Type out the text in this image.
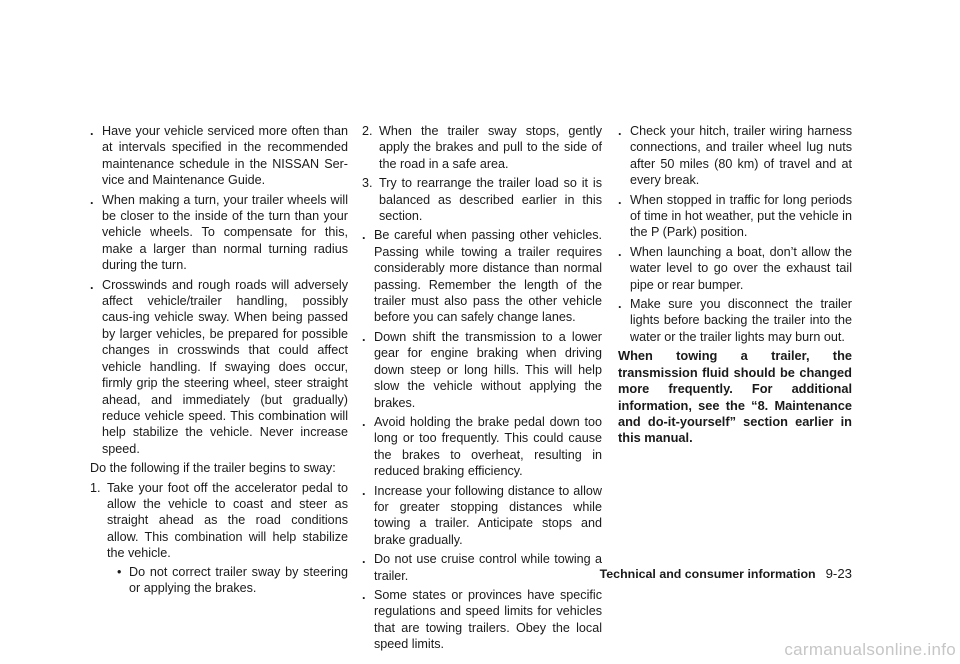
. Have your vehicle serviced more often than at intervals specified in the recommended maintenance schedule in the NISSAN Ser-vice and Maintenance Guide.
. When making a turn, your trailer wheels will be closer to the inside of the turn than your vehicle wheels. To compensate for this, make a larger than normal turning radius during the turn.
. Crosswinds and rough roads will adversely affect vehicle/trailer handling, possibly caus-ing vehicle sway. When being passed by larger vehicles, be prepared for possible changes in crosswinds that could affect vehicle handling. If swaying does occur, firmly grip the steering wheel, steer straight ahead, and immediately (but gradually) reduce vehicle speed. This combination will help stabilize the vehicle. Never increase speed.
Do the following if the trailer begins to sway:
1. Take your foot off the accelerator pedal to allow the vehicle to coast and steer as straight ahead as the road conditions allow. This combination will help stabilize the vehicle.
• Do not correct trailer sway by steering or applying the brakes.
2. When the trailer sway stops, gently apply the brakes and pull to the side of the road in a safe area.
3. Try to rearrange the trailer load so it is balanced as described earlier in this section.
. Be careful when passing other vehicles. Passing while towing a trailer requires considerably more distance than normal passing. Remember the length of the trailer must also pass the other vehicle before you can safely change lanes.
. Down shift the transmission to a lower gear for engine braking when driving down steep or long hills. This will help slow the vehicle without applying the brakes.
. Avoid holding the brake pedal down too long or too frequently. This could cause the brakes to overheat, resulting in reduced braking efficiency.
. Increase your following distance to allow for greater stopping distances while towing a trailer. Anticipate stops and brake gradually.
. Do not use cruise control while towing a trailer.
. Some states or provinces have specific regulations and speed limits for vehicles that are towing trailers. Obey the local speed limits.
. Check your hitch, trailer wiring harness connections, and trailer wheel lug nuts after 50 miles (80 km) of travel and at every break.
. When stopped in traffic for long periods of time in hot weather, put the vehicle in the P (Park) position.
. When launching a boat, don’t allow the water level to go over the exhaust tail pipe or rear bumper.
. Make sure you disconnect the trailer lights before backing the trailer into the water or the trailer lights may burn out.
When towing a trailer, the transmission fluid should be changed more frequently. For additional information, see the “8. Maintenance and do-it-yourself” section earlier in this manual.
Technical and consumer information 9-23
carmanualsonline.info
